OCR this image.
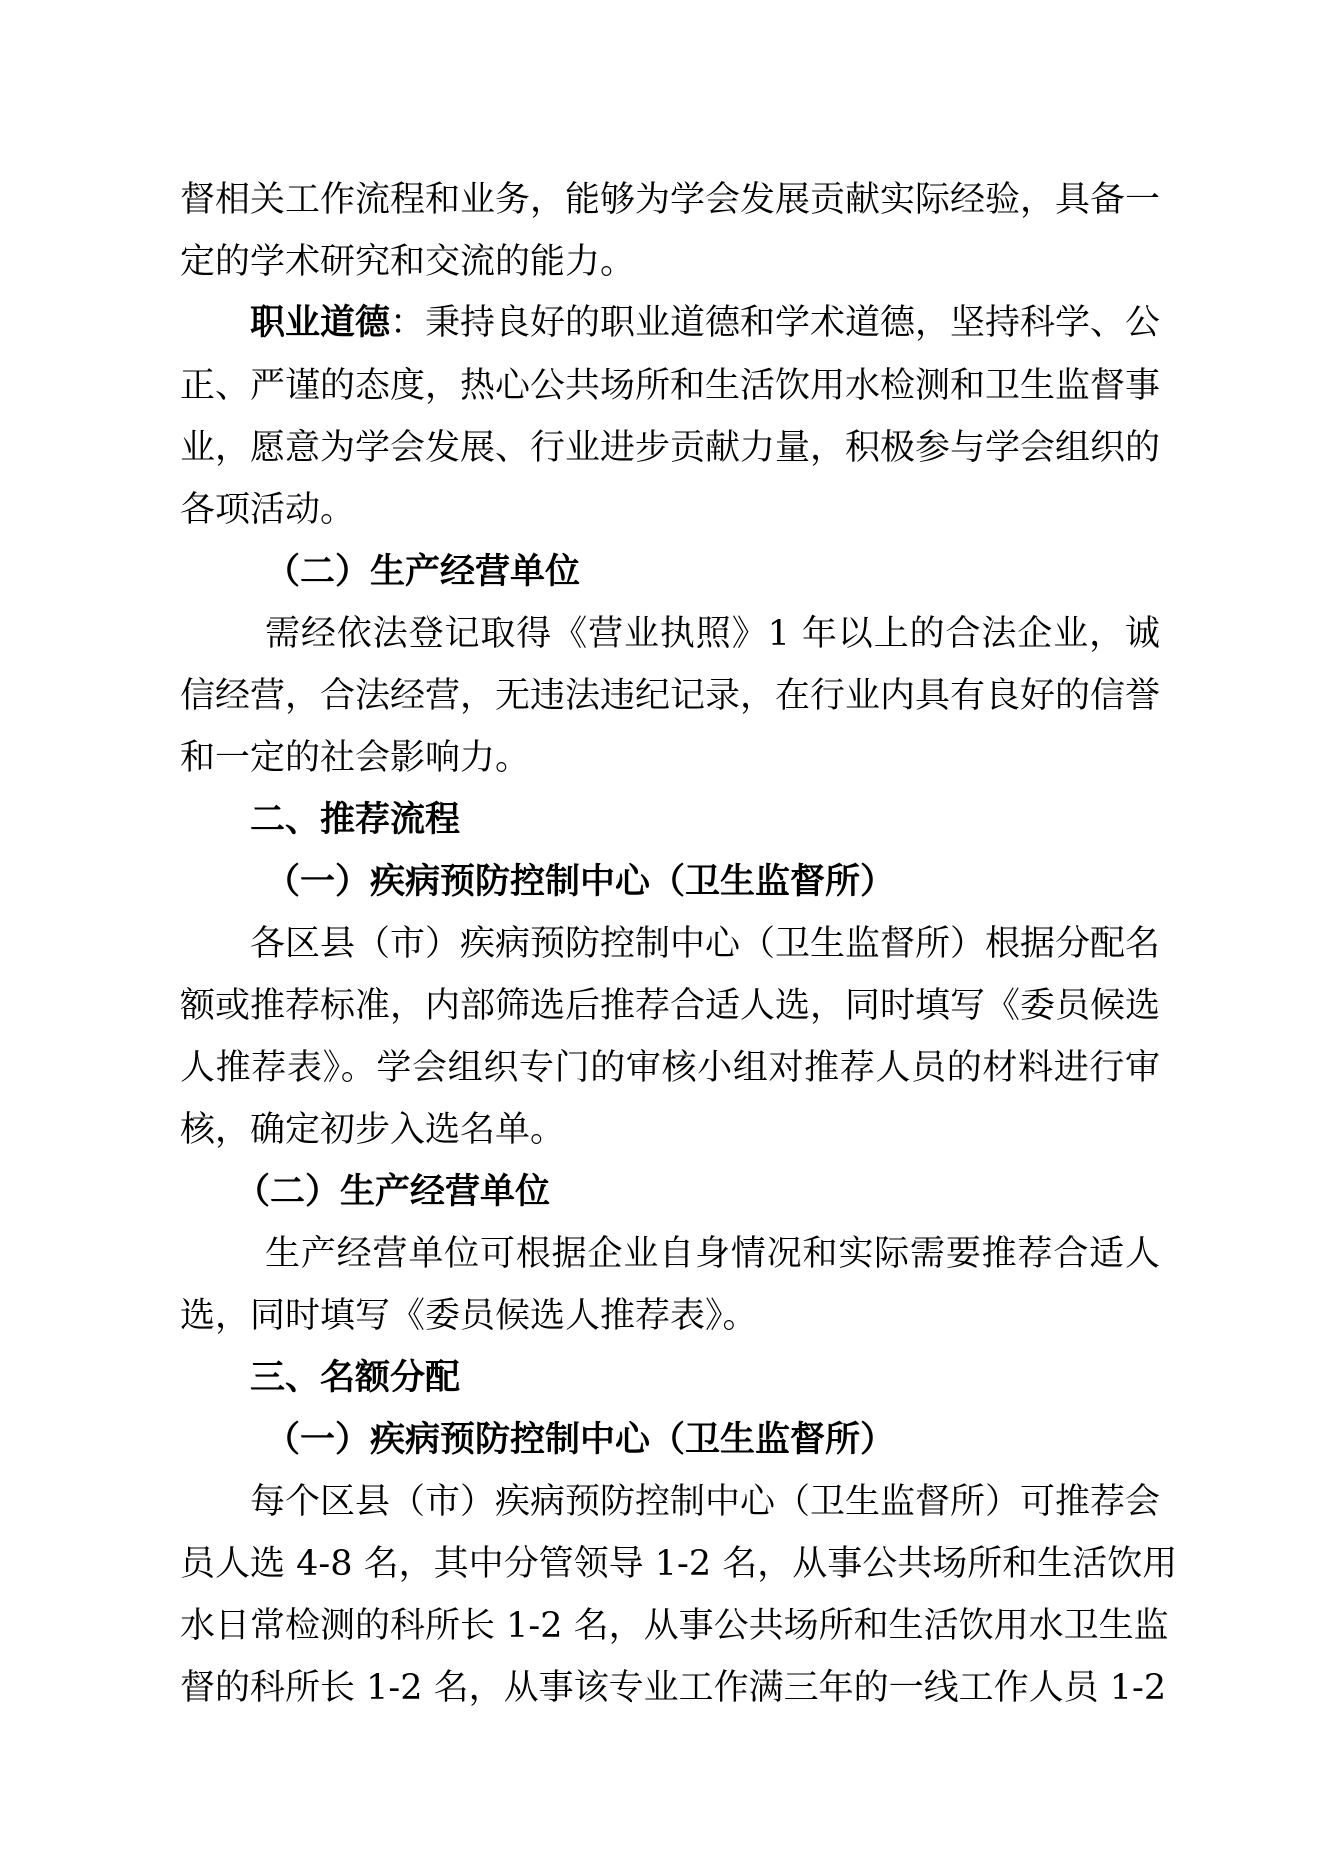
督相关工作流程和业务，能够为学会发展贡献实际经验，具备一
定的学术研究和交流的能力。
职业道德：秉持良好的职业道德和学术道德，坚持科学、公
正、严谨的态度，热心公共场所和生活饮用水检测和卫生监督事
业，愿意为学会发展、行业进步贡献力量，积极参与学会组织的
各项活动。
（二）生产经营单位
需经依法登记取得《营业执照》1 年以上的合法企业，诚
信经营，合法经营，无违法违纪记录，在行业内具有良好的信誉
和一定的社会影响力。
二、推荐流程
（一）疾病预防控制中心（卫生监督所）
各区县（市）疾病预防控制中心（卫生监督所）根据分配名
额或推荐标准，内部筛选后推荐合适人选，同时填写《委员候选
人推荐表》。学会组织专门的审核小组对推荐人员的材料进行审
核，确定初步入选名单。
（二）生产经营单位
生产经营单位可根据企业自身情况和实际需要推荐合适人
选，同时填写《委员候选人推荐表》。
三、名额分配
（一）疾病预防控制中心（卫生监督所）
每个区县（市）疾病预防控制中心（卫生监督所）可推荐会
员人选 4-8 名，其中分管领导 1-2 名，从事公共场所和生活饮用
水日常检测的科所长 1-2 名，从事公共场所和生活饮用水卫生监
督的科所长 1-2 名，从事该专业工作满三年的一线工作人员 1-2
